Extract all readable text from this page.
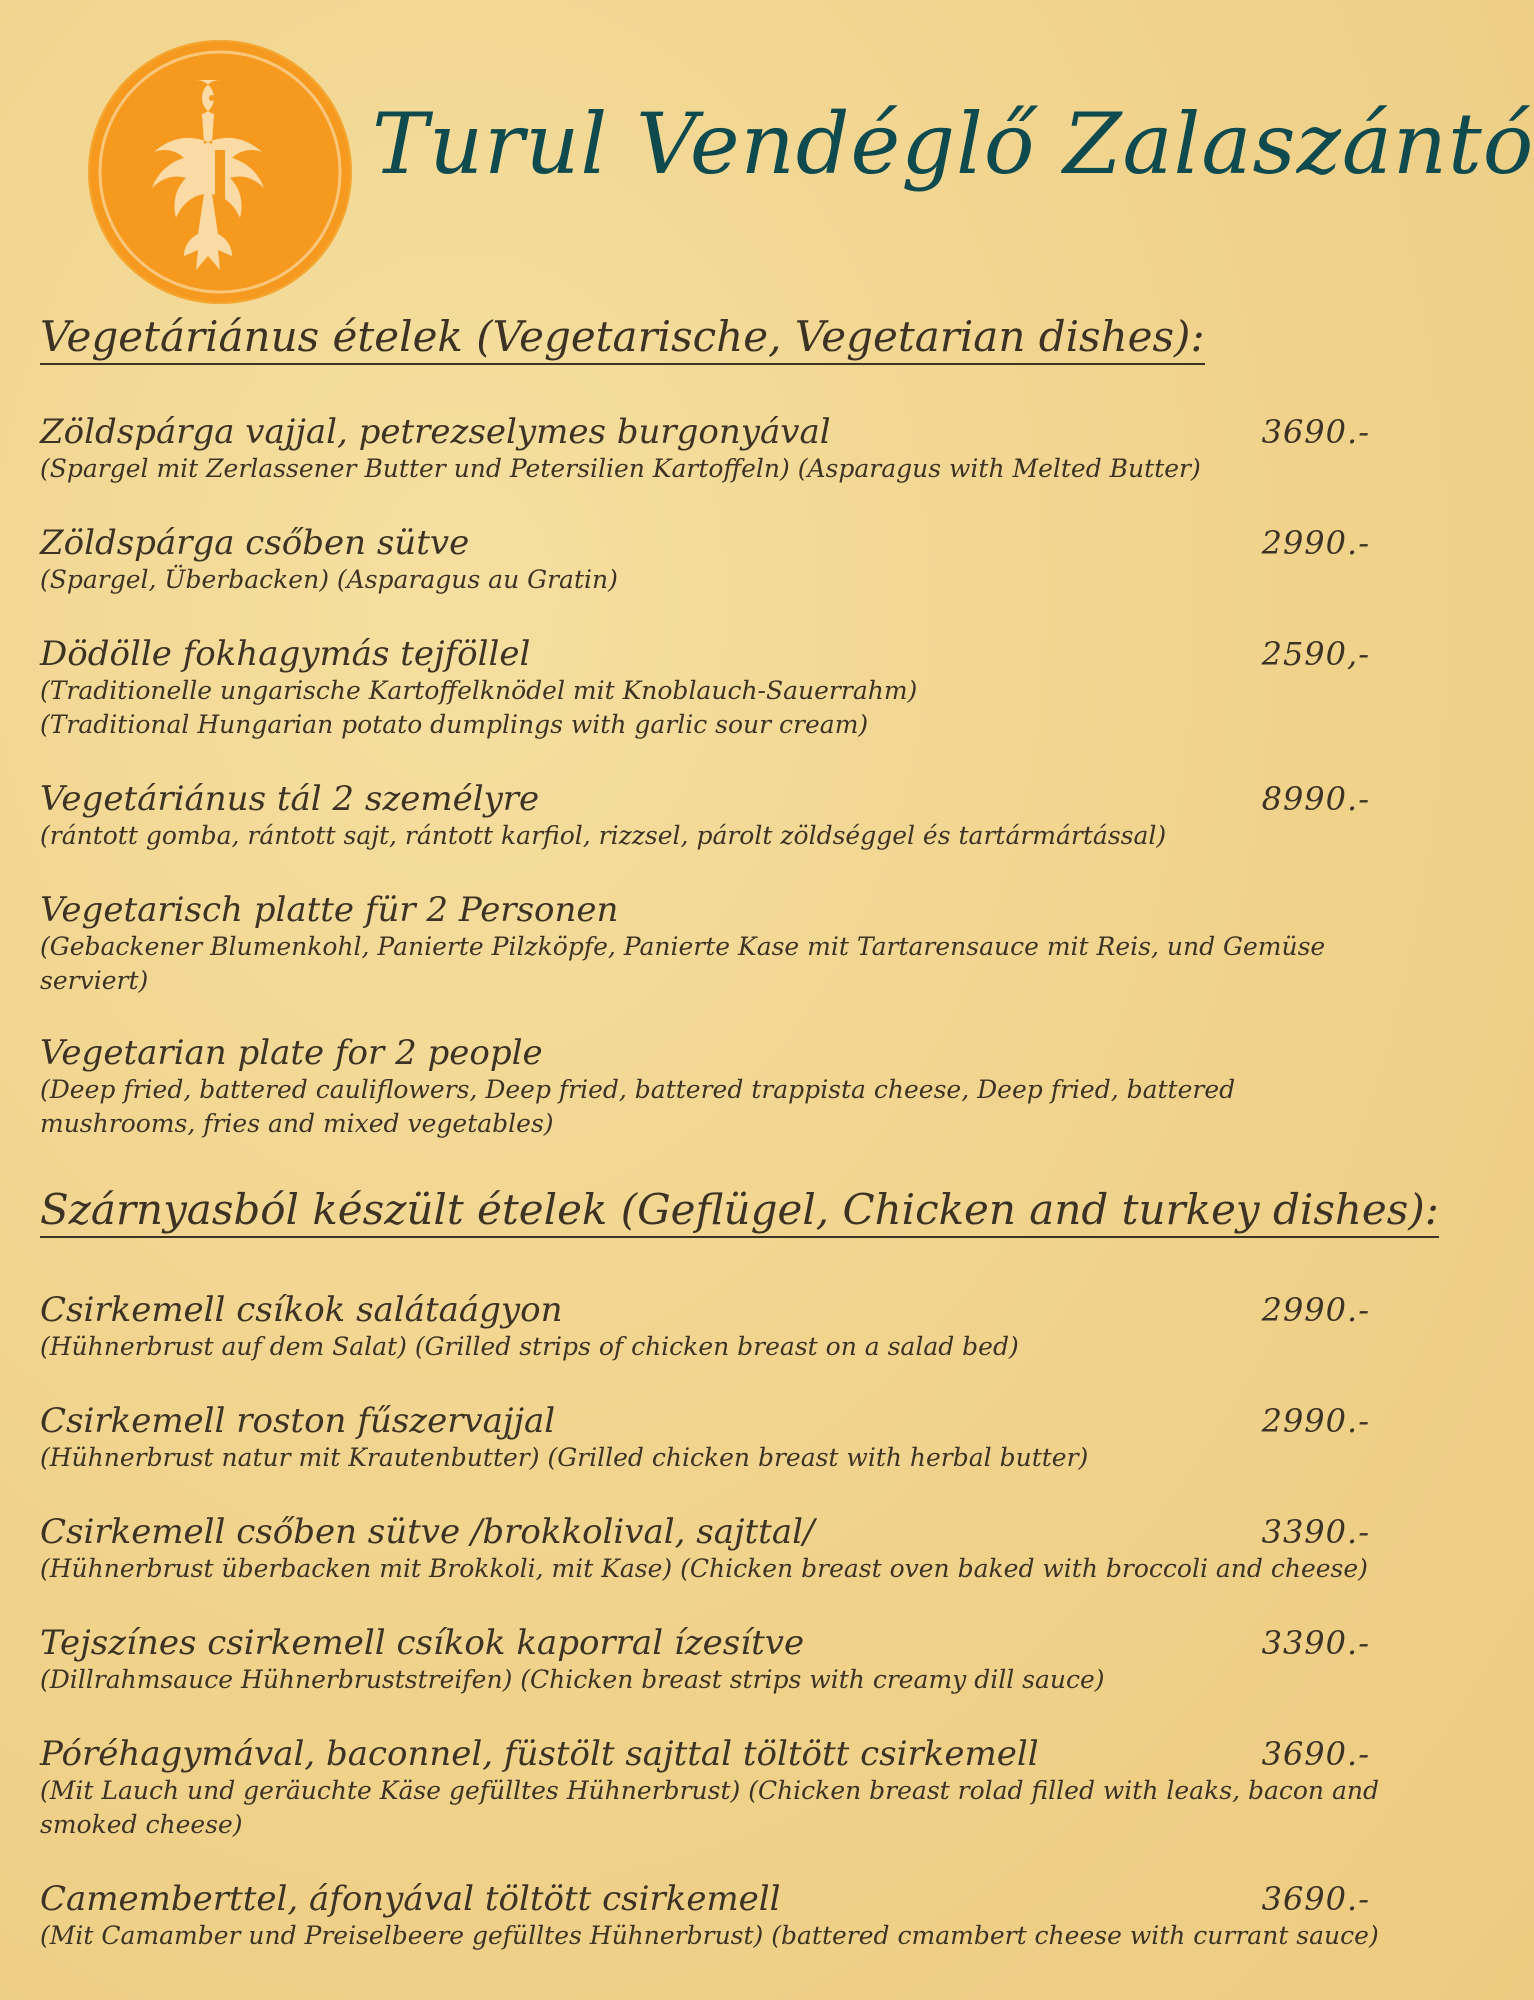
Turul Vendéglő Zalaszántó
Vegetáriánus ételek (Vegetarische, Vegetarian dishes):
Zöldspárga vajjal, petrezselymes burgonyával	3690.-
(Spargel mit Zerlassener Butter und Petersilien Kartoffeln) (Asparagus with Melted Butter)
Zöldspárga csőben sütve	2990.-
(Spargel, Überbacken) (Asparagus au Gratin)
Dödölle fokhagymás tejföllel	2590,-
(Traditionelle ungarische Kartoffelknödel mit Knoblauch-Sauerrahm)
(Traditional Hungarian potato dumplings with garlic sour cream)
Vegetáriánus tál 2 személyre	8990.-
(rántott gomba, rántott sajt, rántott karfiol, rizzsel, párolt zöldséggel és tartármártással)
Vegetarisch platte für 2 Personen
(Gebackener Blumenkohl, Panierte Pilzköpfe, Panierte Kase mit Tartarensauce mit Reis, und Gemüse serviert)
Vegetarian plate for 2 people
(Deep fried, battered cauliflowers, Deep fried, battered trappista cheese, Deep fried, battered mushrooms, fries and mixed vegetables)
Szárnyasból készült ételek (Geflügel, Chicken and turkey dishes):
Csirkemell csíkok salátaágyon	2990.-
(Hühnerbrust auf dem Salat) (Grilled strips of chicken breast on a salad bed)
Csirkemell roston fűszervajjal	2990.-
(Hühnerbrust natur mit Krautenbutter) (Grilled chicken breast with herbal butter)
Csirkemell csőben sütve /brokkolival, sajttal/	3390.-
(Hühnerbrust überbacken mit Brokkoli, mit Kase) (Chicken breast oven baked with broccoli and cheese)
Tejszínes csirkemell csíkok kaporral ízesítve	3390.-
(Dillrahmsauce Hühnerbruststreifen) (Chicken breast strips with creamy dill sauce)
Póréhagymával, baconnel, füstölt sajttal töltött csirkemell	3690.-
(Mit Lauch und geräuchte Käse gefülltes Hühnerbrust) (Chicken breast rolad filled with leaks, bacon and smoked cheese)
Camemberttel, áfonyával töltött csirkemell	3690.-
(Mit Camamber und Preiselbeere gefülltes Hühnerbrust) (battered cmambert cheese with currant sauce)
